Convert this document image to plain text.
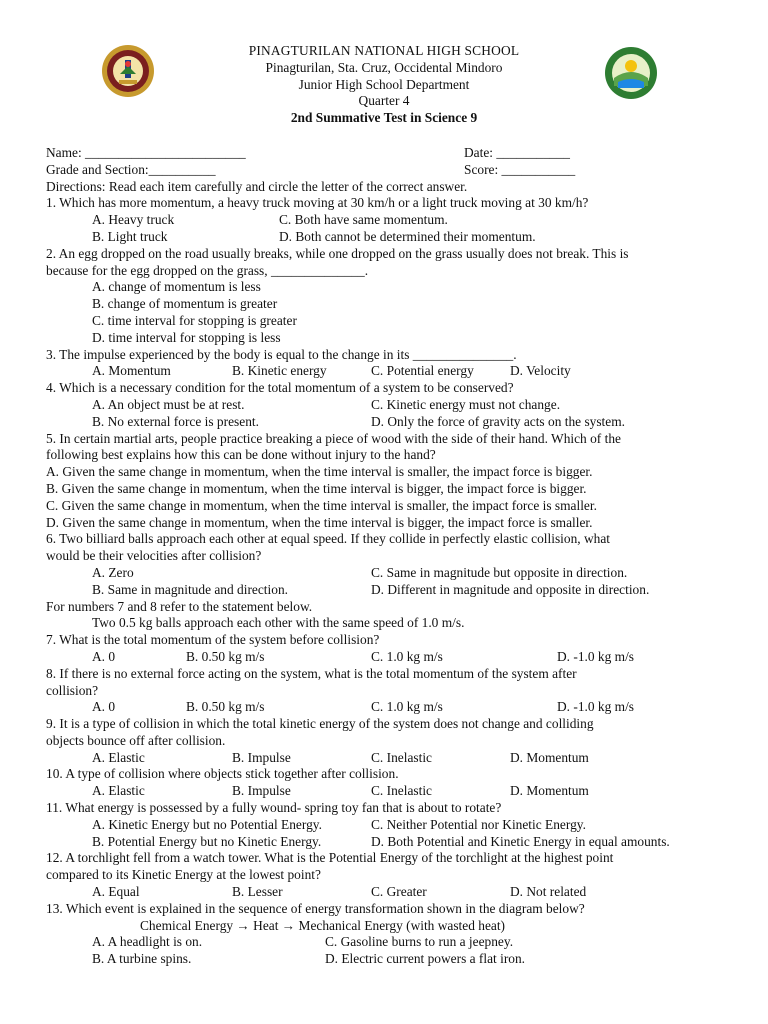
PINAGTURILAN NATIONAL HIGH SCHOOL
Pinagturilan, Sta. Cruz, Occidental Mindoro
Junior High School Department
Quarter 4
2nd Summative Test in Science 9
Name: ________________________	Date: ___________
Grade and Section:__________	Score: ___________
Directions: Read each item carefully and circle the letter of the correct answer.
1. Which has more momentum, a heavy truck moving at 30 km/h or a light truck moving at 30 km/h?
A. Heavy truck	C. Both have same momentum.
B. Light truck	D. Both cannot be determined their momentum.
2. An egg dropped on the road usually breaks, while one dropped on the grass usually does not break. This is
because for the egg dropped on the grass, ______________.
A. change of momentum is less
B. change of momentum is greater
C. time interval for stopping is greater
D. time interval for stopping is less
3. The impulse experienced by the body is equal to the change in its _______________.
A. Momentum	B. Kinetic energy	C. Potential energy	D. Velocity
4. Which is a necessary condition for the total momentum of a system to be conserved?
A. An object must be at rest.	C. Kinetic energy must not change.
B. No external force is present.	D. Only the force of gravity acts on the system.
5. In certain martial arts, people practice breaking a piece of wood with the side of their hand. Which of the
following best explains how this can be done without injury to the hand?
A. Given the same change in momentum, when the time interval is smaller, the impact force is bigger.
B. Given the same change in momentum, when the time interval is bigger, the impact force is bigger.
C. Given the same change in momentum, when the time interval is smaller, the impact force is smaller.
D. Given the same change in momentum, when the time interval is bigger, the impact force is smaller.
6. Two billiard balls approach each other at equal speed. If they collide in perfectly elastic collision, what
would be their velocities after collision?
A. Zero	C. Same in magnitude but opposite in direction.
B. Same in magnitude and direction.	D. Different in magnitude and opposite in direction.
For numbers 7 and 8 refer to the statement below.
Two 0.5 kg balls approach each other with the same speed of 1.0 m/s.
7. What is the total momentum of the system before collision?
A. 0	B. 0.50 kg m/s	C. 1.0 kg m/s	D. -1.0 kg m/s
8. If there is no external force acting on the system, what is the total momentum of the system after
collision?
A. 0	B. 0.50 kg m/s	C. 1.0 kg m/s	D. -1.0 kg m/s
9. It is a type of collision in which the total kinetic energy of the system does not change and colliding
objects bounce off after collision.
A. Elastic	B. Impulse	C. Inelastic	D. Momentum
10. A type of collision where objects stick together after collision.
A. Elastic	B. Impulse	C. Inelastic	D. Momentum
11. What energy is possessed by a fully wound- spring toy fan that is about to rotate?
A. Kinetic Energy but no Potential Energy.	C. Neither Potential nor Kinetic Energy.
B. Potential Energy but no Kinetic Energy.	D. Both Potential and Kinetic Energy in equal amounts.
12. A torchlight fell from a watch tower. What is the Potential Energy of the torchlight at the highest point
compared to its Kinetic Energy at the lowest point?
A. Equal	B. Lesser	C. Greater	D. Not related
13. Which event is explained in the sequence of energy transformation shown in the diagram below?
Chemical Energy → Heat → Mechanical Energy (with wasted heat)
A. A headlight is on.	C. Gasoline burns to run a jeepney.
B. A turbine spins.	D. Electric current powers a flat iron.
